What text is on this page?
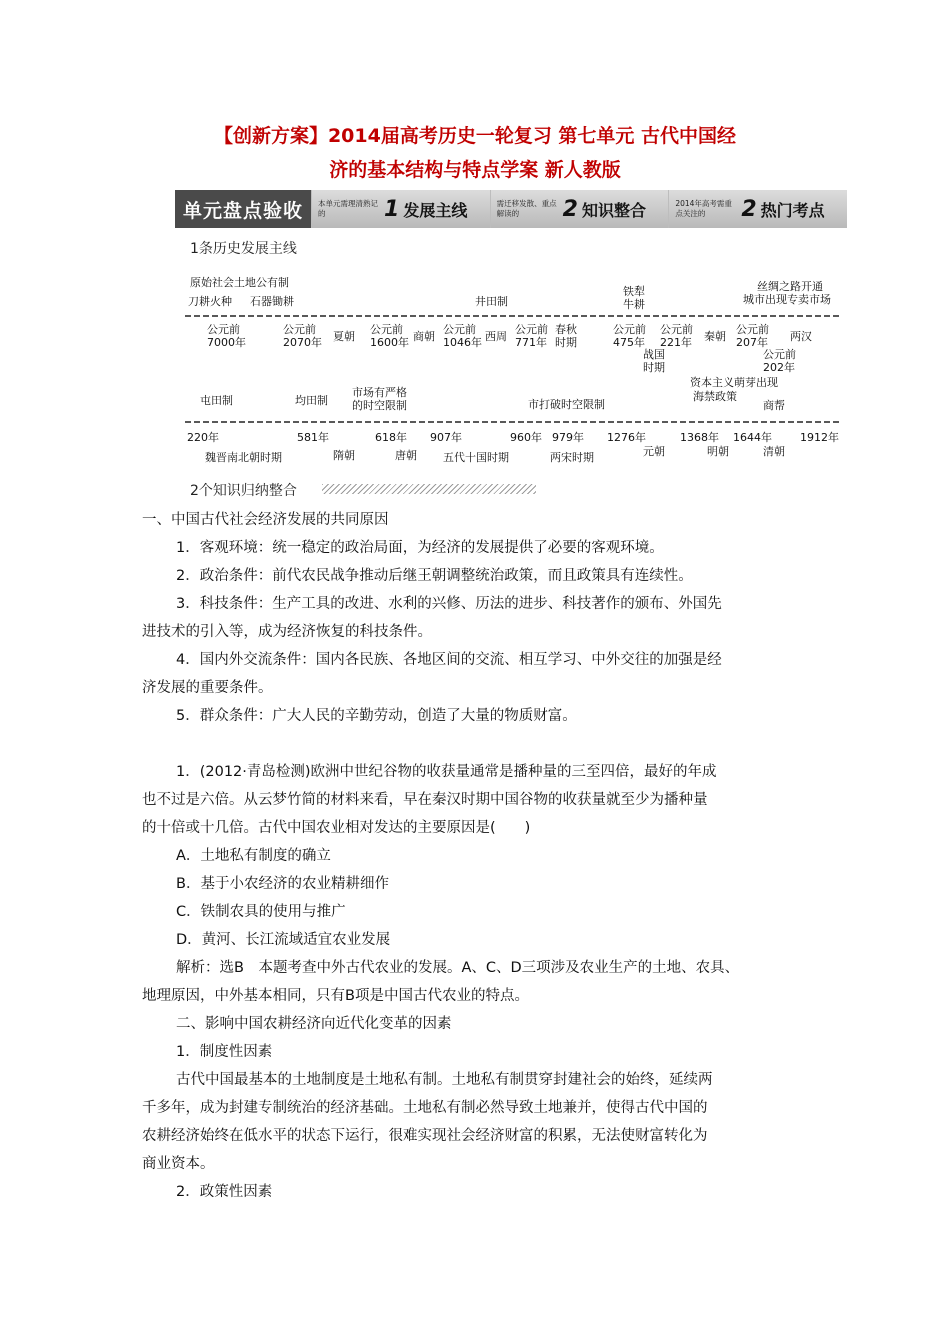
【创新方案】2014届高考历史一轮复习 第七单元 古代中国经
济的基本结构与特点学案 新人教版
单元盘点验收	本单元需理清熟记的	1 发展主线	需迁移发散、重点解读的	2 知识整合	2014年高考需重点关注的	2 热门考点
1条历史发展主线
原始社会土地公有制
刀耕火种 石器锄耕	井田制
铁犁
牛耕
丝绸之路开通
城市出现专卖市场
公元前
7000年
公元前
2070年
公元前
1600年
公元前
1046年
公元前
771年
公元前
475年
公元前
221年
公元前
207年
公元前
202年
夏朝	商朝	西周
春秋
时期
战国
时期
秦朝	两汉
屯田制	均田制
市场有严格
的时空限制	市打破时空限制
资本主义萌芽出现
海禁政策
商帮
220年	581年	618年 907年	960年 979年 1276年	1368年 1644年	1912年
魏晋南北朝时期	隋朝	唐朝 五代十国时期	两宋时期	元朝	明朝	清朝
2个知识归纳整合
一、中国古代社会经济发展的共同原因
1．客观环境：统一稳定的政治局面，为经济的发展提供了必要的客观环境。
2．政治条件：前代农民战争推动后继王朝调整统治政策，而且政策具有连续性。
3．科技条件：生产工具的改进、水利的兴修、历法的进步、科技著作的颁布、外国先
进技术的引入等，成为经济恢复的科技条件。
4．国内外交流条件：国内各民族、各地区间的交流、相互学习、中外交往的加强是经
济发展的重要条件。
5．群众条件：广大人民的辛勤劳动，创造了大量的物质财富。
1．(2012·青岛检测)欧洲中世纪谷物的收获量通常是播种量的三至四倍，最好的年成
也不过是六倍。从云梦竹简的材料来看，早在秦汉时期中国谷物的收获量就至少为播种量
的十倍或十几倍。古代中国农业相对发达的主要原因是(　　)
A．土地私有制度的确立
B．基于小农经济的农业精耕细作
C．铁制农具的使用与推广
D．黄河、长江流域适宜农业发展
解析：选B　本题考查中外古代农业的发展。A、C、D三项涉及农业生产的土地、农具、
地理原因，中外基本相同，只有B项是中国古代农业的特点。
二、影响中国农耕经济向近代化变革的因素
1．制度性因素
古代中国最基本的土地制度是土地私有制。土地私有制贯穿封建社会的始终，延续两
千多年，成为封建专制统治的经济基础。土地私有制必然导致土地兼并，使得古代中国的
农耕经济始终在低水平的状态下运行，很难实现社会经济财富的积累，无法使财富转化为
商业资本。
2．政策性因素
